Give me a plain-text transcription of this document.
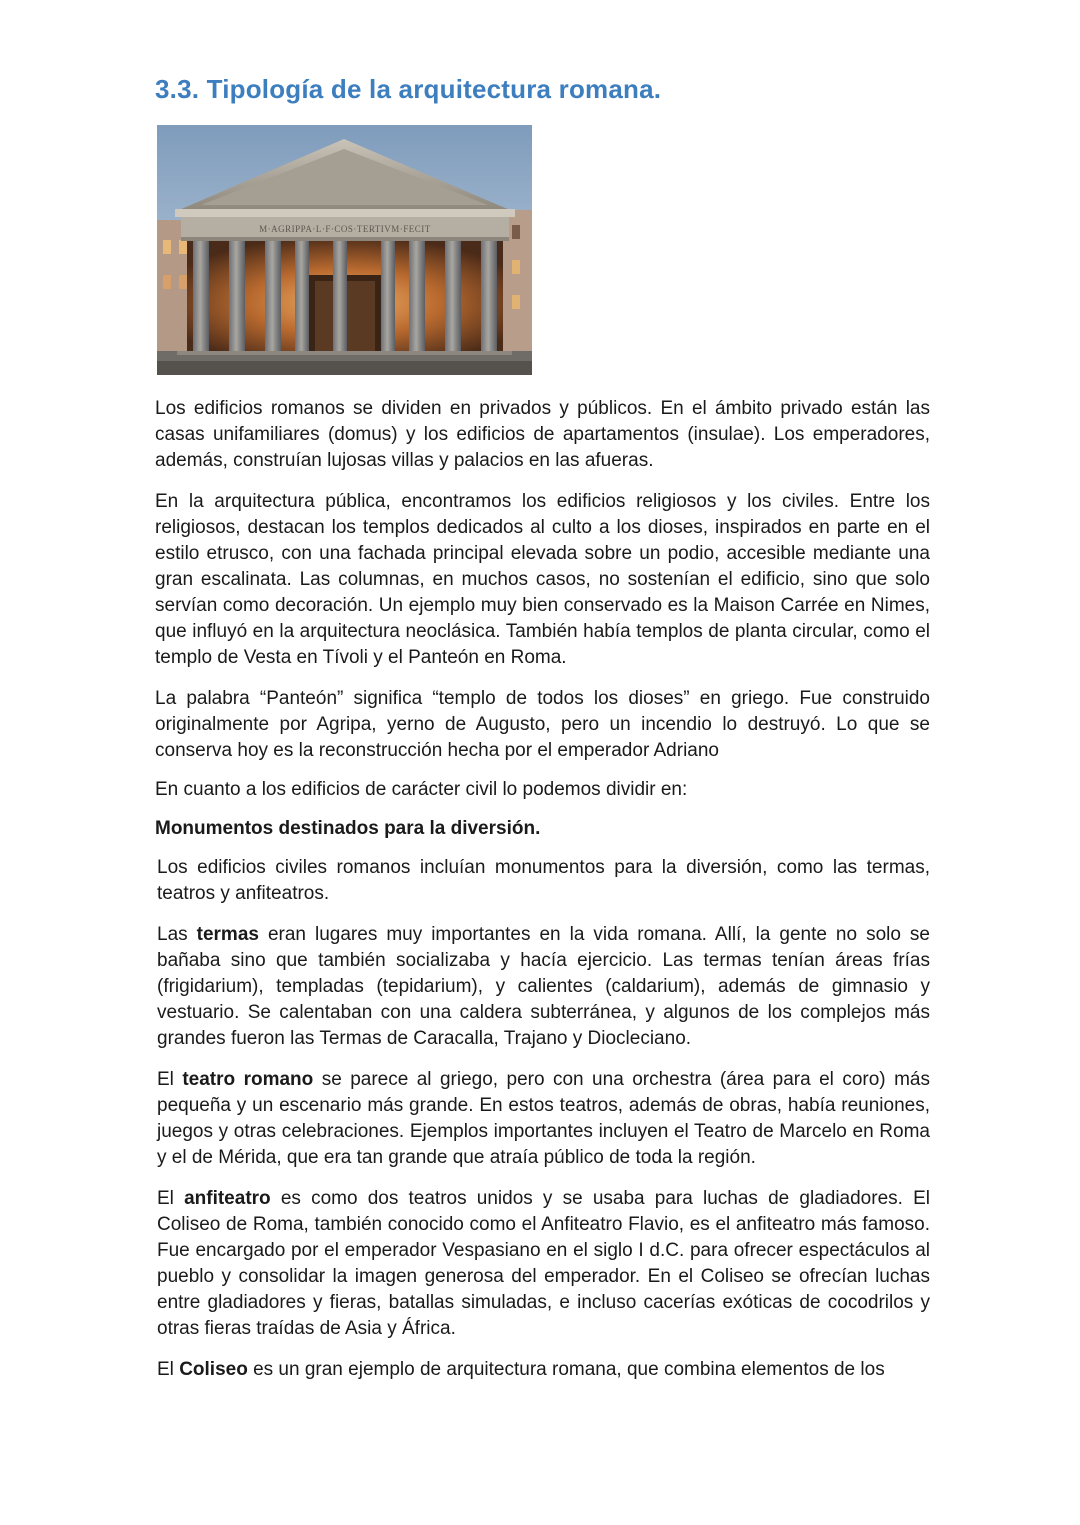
3.3. Tipología de la arquitectura romana.
M·AGRIPPA·L·F·COS·TERTIVM·FECIT

Los edificios romanos se dividen en privados y públicos. En el ámbito privado están las casas unifamiliares (domus) y los edificios de apartamentos (insulae). Los emperadores, además, construían lujosas villas y palacios en las afueras.

En la arquitectura pública, encontramos los edificios religiosos y los civiles. Entre los religiosos, destacan los templos dedicados al culto a los dioses, inspirados en parte en el estilo etrusco, con una fachada principal elevada sobre un podio, accesible mediante una gran escalinata. Las columnas, en muchos casos, no sostenían el edificio, sino que solo servían como decoración. Un ejemplo muy bien conservado es la Maison Carrée en Nimes, que influyó en la arquitectura neoclásica. También había templos de planta circular, como el templo de Vesta en Tívoli y el Panteón en Roma.

La palabra “Panteón” significa “templo de todos los dioses” en griego. Fue construido originalmente por Agripa, yerno de Augusto, pero un incendio lo destruyó. Lo que se conserva hoy es la reconstrucción hecha por el emperador Adriano

En cuanto a los edificios de carácter civil lo podemos dividir en:

Monumentos destinados para la diversión.

Los edificios civiles romanos incluían monumentos para la diversión, como las termas, teatros y anfiteatros.

Las termas eran lugares muy importantes en la vida romana. Allí, la gente no solo se bañaba sino que también socializaba y hacía ejercicio. Las termas tenían áreas frías (frigidarium), templadas (tepidarium), y calientes (caldarium), además de gimnasio y vestuario. Se calentaban con una caldera subterránea, y algunos de los complejos más grandes fueron las Termas de Caracalla, Trajano y Diocleciano.

El teatro romano se parece al griego, pero con una orchestra (área para el coro) más pequeña y un escenario más grande. En estos teatros, además de obras, había reuniones, juegos y otras celebraciones. Ejemplos importantes incluyen el Teatro de Marcelo en Roma y el de Mérida, que era tan grande que atraía público de toda la región.

El anfiteatro es como dos teatros unidos y se usaba para luchas de gladiadores. El Coliseo de Roma, también conocido como el Anfiteatro Flavio, es el anfiteatro más famoso. Fue encargado por el emperador Vespasiano en el siglo I d.C. para ofrecer espectáculos al pueblo y consolidar la imagen generosa del emperador. En el Coliseo se ofrecían luchas entre gladiadores y fieras, batallas simuladas, e incluso cacerías exóticas de cocodrilos y otras fieras traídas de Asia y África.

El Coliseo es un gran ejemplo de arquitectura romana, que combina elementos de los
